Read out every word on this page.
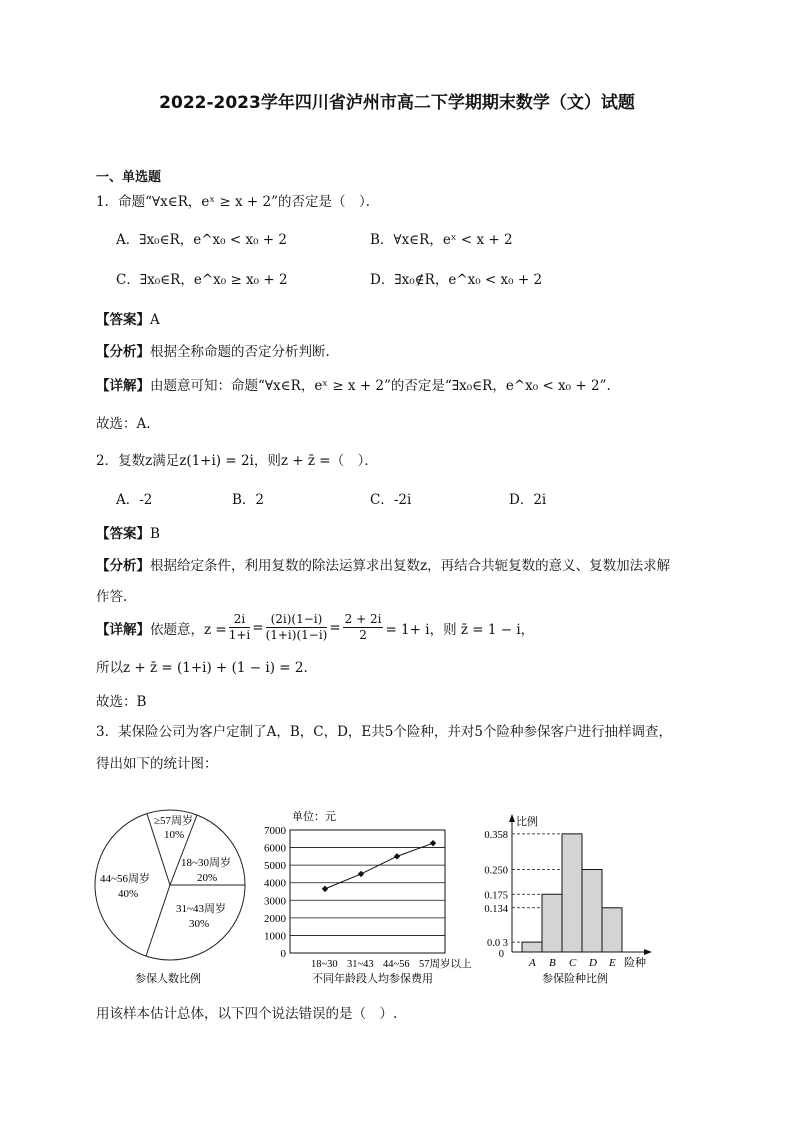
2022-2023学年四川省泸州市高二下学期期末数学（文）试题
一、单选题
1．命题“∀x∈R，eˣ ≥ x + 2”的否定是（　）．
A．∃x₀∈R，e^x₀ < x₀ + 2	B．∀x∈R，eˣ < x + 2
C．∃x₀∈R，e^x₀ ≥ x₀ + 2	D．∃x₀∉R，e^x₀ < x₀ + 2
【答案】A
【分析】根据全称命题的否定分析判断.
【详解】由题意可知：命题“∀x∈R，eˣ ≥ x + 2”的否定是“∃x₀∈R，e^x₀ < x₀ + 2”.
故选：A.
2．复数z满足z(1+i) = 2i，则z + z̄ =（　）．
A．-2	B．2	C．-2i	D．2i
【答案】B
【分析】根据给定条件，利用复数的除法运算求出复数z，再结合共轭复数的意义、复数加法求解
作答.
【详解】 依题意，$z = \frac{2i}{1+i} = \frac{(2i)(1-i)}{(1+i)(1-i)} = \frac{2 + 2i}{2} = 1+ i$，则 z̄ = 1 − i，
所以z + z̄ = (1+i) + (1 − i) = 2.
故选：B
3．某保险公司为客户定制了A，B，C，D，E共5个险种，并对5个险种参保客户进行抽样调查，
得出如下的统计图：
≥57周岁
10%
18~30周岁
20%
31~43周岁
30%
44~56周岁
40%
参保人数比例
单位：元
0
1000
2000
3000
4000
5000
6000
7000
18~30 31~43 44~56 57周岁以上
不同年龄段人均参保费用
比例
0.358
0.250
0.175
0.134
0.0 3
0
A B C D E 险种
参保险种比例
用该样本估计总体，以下四个说法错误的是（　）.
